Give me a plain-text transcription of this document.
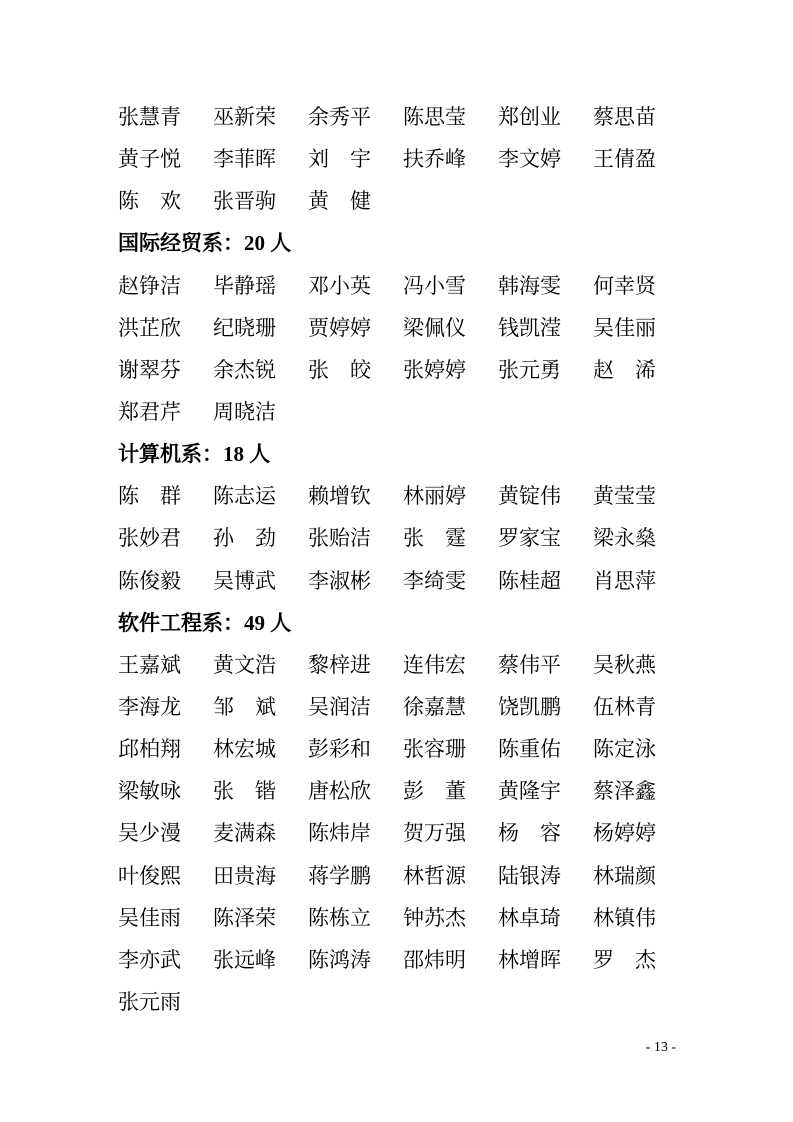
张慧青 巫新荣 余秀平 陈思莹 郑创业 蔡思苗
黄子悦 李菲晖 刘　宇 扶乔峰 李文婷 王倩盈
陈　欢 张晋驹 黄　健
国际经贸系：20 人
赵铮洁 毕静瑶 邓小英 冯小雪 韩海雯 何幸贤
洪芷欣 纪晓珊 贾婷婷 梁佩仪 钱凯滢 吴佳丽
谢翠芬 余杰锐 张　皎 张婷婷 张元勇 赵　浠
郑君芹 周晓洁
计算机系：18 人
陈　群 陈志运 赖增钦 林丽婷 黄锭伟 黄莹莹
张妙君 孙　劲 张贻洁 张　霆 罗家宝 梁永燊
陈俊毅 吴博武 李淑彬 李绮雯 陈桂超 肖思萍
软件工程系：49 人
王嘉斌 黄文浩 黎梓进 连伟宏 蔡伟平 吴秋燕
李海龙 邹　斌 吴润洁 徐嘉慧 饶凯鹏 伍林青
邱柏翔 林宏城 彭彩和 张容珊 陈重佑 陈定泳
梁敏咏 张　锴 唐松欣 彭　董 黄隆宇 蔡泽鑫
吴少漫 麦满森 陈炜岸 贺万强 杨　容 杨婷婷
叶俊熙 田贵海 蒋学鹏 林哲源 陆银涛 林瑞颜
吴佳雨 陈泽荣 陈栋立 钟苏杰 林卓琦 林镇伟
李亦武 张远峰 陈鸿涛 邵炜明 林增晖 罗　杰
张元雨
- 13 -
